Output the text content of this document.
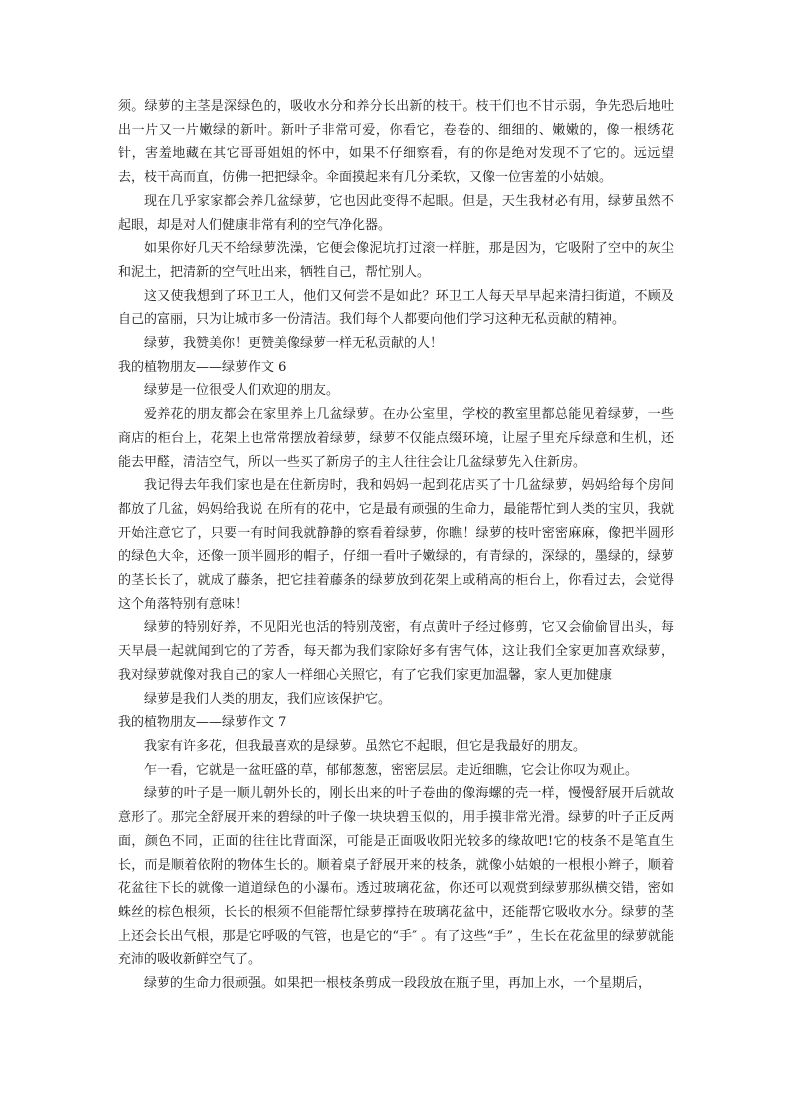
须。绿萝的主茎是深绿色的，吸收水分和养分长出新的枝干。枝干们也不甘示弱，争先恐后地吐出一片又一片嫩绿的新叶。新叶子非常可爱，你看它，卷卷的、细细的、嫩嫩的，像一根绣花针，害羞地藏在其它哥哥姐姐的怀中，如果不仔细察看，有的你是绝对发现不了它的。远远望去，枝干高而直，仿佛一把把绿伞。伞面摸起来有几分柔软，又像一位害羞的小姑娘。

现在几乎家家都会养几盆绿萝，它也因此变得不起眼。但是，天生我材必有用，绿萝虽然不起眼，却是对人们健康非常有利的空气净化器。

如果你好几天不给绿萝洗澡，它便会像泥坑打过滚一样脏，那是因为，它吸附了空中的灰尘和泥土，把清新的空气吐出来，牺牲自己，帮忙别人。

这又使我想到了环卫工人，他们又何尝不是如此？环卫工人每天早早起来清扫街道，不顾及自己的富丽，只为让城市多一份清洁。我们每个人都要向他们学习这种无私贡献的精神。

绿萝，我赞美你！更赞美像绿萝一样无私贡献的人！

我的植物朋友——绿萝作文 6

绿萝是一位很受人们欢迎的朋友。

爱养花的朋友都会在家里养上几盆绿萝。在办公室里，学校的教室里都总能见着绿萝，一些商店的柜台上，花架上也常常摆放着绿萝，绿萝不仅能点缀环境，让屋子里充斥绿意和生机，还能去甲醛，清洁空气，所以一些买了新房子的主人往往会让几盆绿萝先入住新房。

我记得去年我们家也是在住新房时，我和妈妈一起到花店买了十几盆绿萝，妈妈给每个房间都放了几盆，妈妈给我说 在所有的花中，它是最有顽强的生命力，最能帮忙到人类的宝贝，我就开始注意它了，只要一有时间我就静静的察看着绿萝，你瞧！绿萝的枝叶密密麻麻，像把半圆形的绿色大伞，还像一顶半圆形的帽子，仔细一看叶子嫩绿的，有青绿的，深绿的，墨绿的，绿萝的茎长长了，就成了藤条，把它挂着藤条的绿萝放到花架上或稍高的柜台上，你看过去，会觉得这个角落特别有意味！

绿萝的特别好养，不见阳光也活的特别茂密，有点黄叶子经过修剪，它又会偷偷冒出头，每天早晨一起就闻到它的了芳香，每天都为我们家除好多有害气体，这让我们全家更加喜欢绿萝，我对绿萝就像对我自己的家人一样细心关照它，有了它我们家更加温馨，家人更加健康

绿萝是我们人类的朋友，我们应该保护它。

我的植物朋友——绿萝作文 7

我家有许多花，但我最喜欢的是绿萝。虽然它不起眼，但它是我最好的朋友。

乍一看，它就是一盆旺盛的草，郁郁葱葱，密密层层。走近细瞧，它会让你叹为观止。

绿萝的叶子是一顺儿朝外长的，刚长出来的叶子卷曲的像海螺的壳一样，慢慢舒展开后就故意形了。那完全舒展开来的碧绿的叶子像一块块碧玉似的，用手摸非常光滑。绿萝的叶子正反两面，颜色不同，正面的往往比背面深，可能是正面吸收阳光较多的缘故吧!它的枝条不是笔直生长，而是顺着依附的物体生长的。顺着桌子舒展开来的枝条，就像小姑娘的一根根小辫子，顺着花盆往下长的就像一道道绿色的小瀑布。透过玻璃花盆，你还可以观赏到绿萝那纵横交错，密如蛛丝的棕色根须，长长的根须不但能帮忙绿萝撑持在玻璃花盆中，还能帮它吸收水分。绿萝的茎上还会长出气根，那是它呼吸的气管，也是它的“手″ 。有了这些“手” ，生长在花盆里的绿萝就能充沛的吸收新鲜空气了。

绿萝的生命力很顽强。如果把一根枝条剪成一段段放在瓶子里，再加上水，一个星期后，
